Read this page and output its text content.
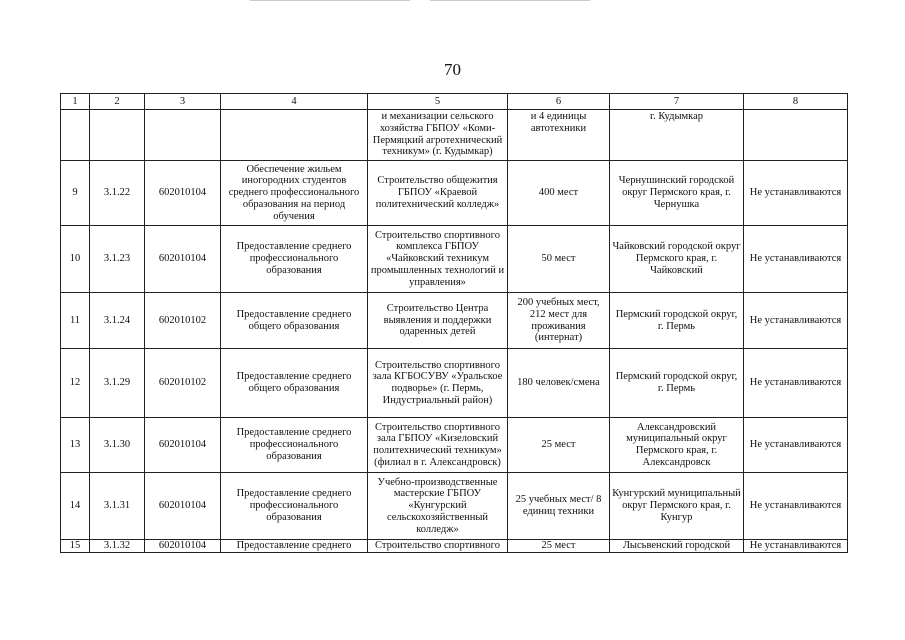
70
1	2	3	4	5	6	7	8
				и механизации сельского хозяйства ГБПОУ «Коми-Пермяцкий агротехнический техникум» (г. Кудымкар)	и 4 единицы автотехники	г. Кудымкар	
9	3.1.22	602010104	Обеспечение жильем иногородних студентов среднего профессионального образования на период обучения	Строительство общежития ГБПОУ «Краевой политехнический колледж»	400 мест	Чернушинский городской округ Пермского края, г. Чернушка	Не устанавливаются
10	3.1.23	602010104	Предоставление среднего профессионального образования	Строительство спортивного комплекса ГБПОУ «Чайковский техникум промышленных технологий и управления»	50 мест	Чайковский городской округ Пермского края, г. Чайковский	Не устанавливаются
11	3.1.24	602010102	Предоставление среднего общего образования	Строительство Центра выявления и поддержки одаренных детей	200 учебных мест, 212 мест для проживания (интернат)	Пермский городской округ, г. Пермь	Не устанавливаются
12	3.1.29	602010102	Предоставление среднего общего образования	Строительство спортивного зала КГБОСУВУ «Уральское подворье» (г. Пермь, Индустриальный район)	180 человек/смена	Пермский городской округ, г. Пермь	Не устанавливаются
13	3.1.30	602010104	Предоставление среднего профессионального образования	Строительство спортивного зала ГБПОУ «Кизеловский политехнический техникум» (филиал в г. Александровск)	25 мест	Александровский муниципальный округ Пермского края, г. Александровск	Не устанавливаются
14	3.1.31	602010104	Предоставление среднего профессионального образования	Учебно-производственные мастерские ГБПОУ «Кунгурский сельскохозяйственный колледж»	25 учебных мест/ 8 единиц техники	Кунгурский муниципальный округ Пермского края, г. Кунгур	Не устанавливаются
15	3.1.32	602010104	Предоставление среднего	Строительство спортивного	25 мест	Лысьвенский городской	Не устанавливаются
